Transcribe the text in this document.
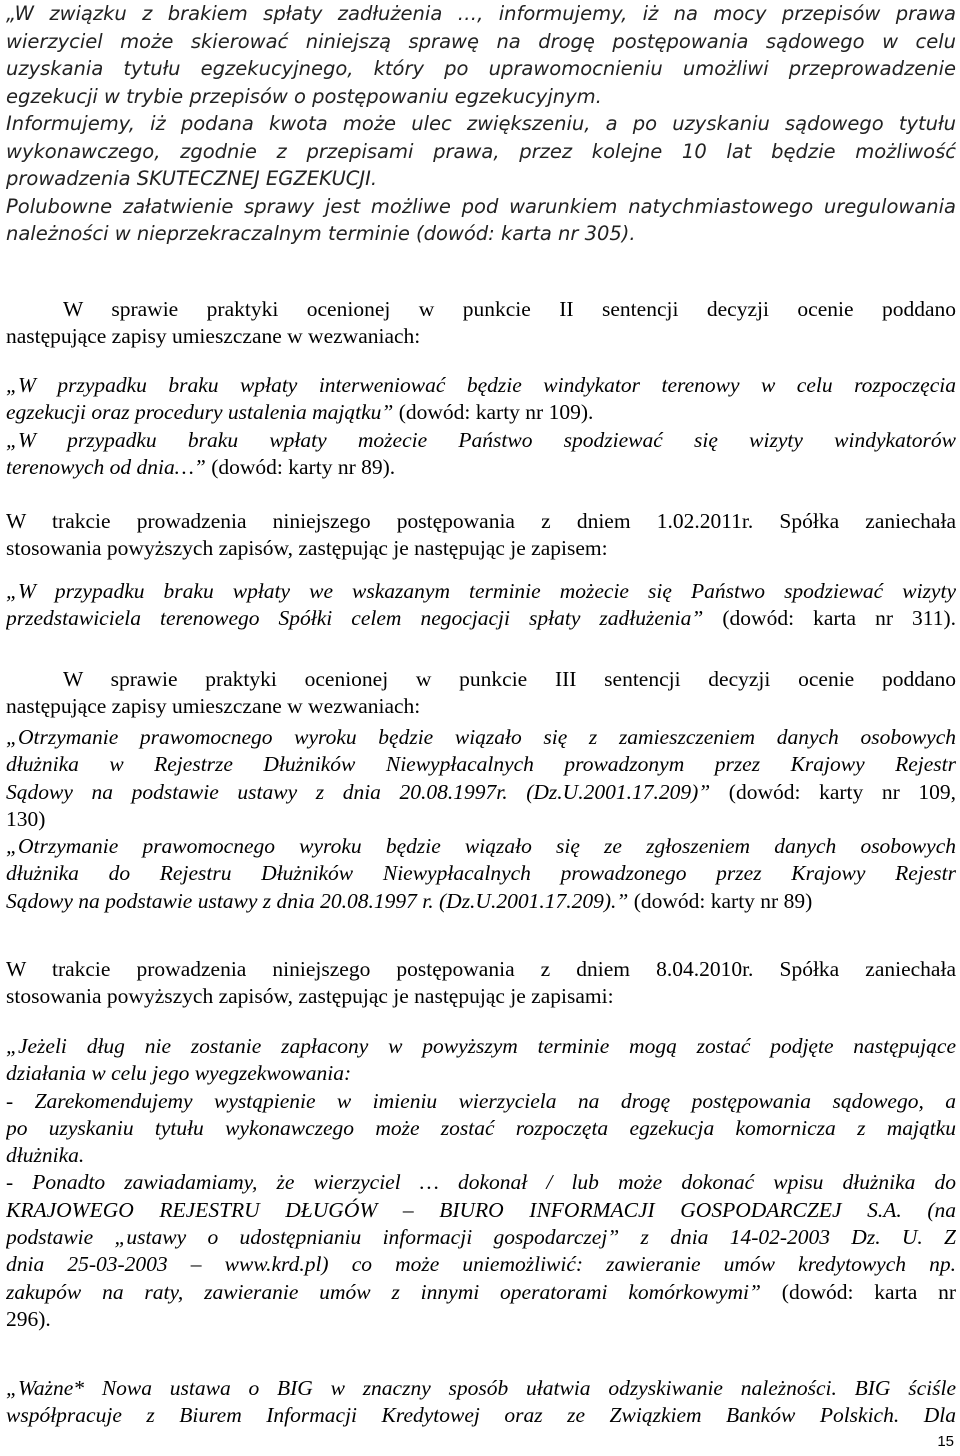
„W związku z brakiem spłaty zadłużenia …, informujemy, iż na mocy przepisów prawa
wierzyciel może skierować niniejszą sprawę na drogę postępowania sądowego w celu
uzyskania tytułu egzekucyjnego, który po uprawomocnieniu umożliwi przeprowadzenie
egzekucji w trybie przepisów o postępowaniu egzekucyjnym.
Informujemy, iż podana kwota może ulec zwiększeniu, a po uzyskaniu sądowego tytułu
wykonawczego, zgodnie z przepisami prawa, przez kolejne 10 lat będzie możliwość
prowadzenia SKUTECZNEJ EGZEKUCJI.
Polubowne załatwienie sprawy jest możliwe pod warunkiem natychmiastowego uregulowania
należności w nieprzekraczalnym terminie (dowód: karta nr 305).
W sprawie praktyki ocenionej w punkcie II sentencji decyzji ocenie poddano
następujące zapisy umieszczane w wezwaniach:
„W przypadku braku wpłaty interweniować będzie windykator terenowy w celu rozpoczęcia
egzekucji oraz procedury ustalenia majątku” (dowód: karty nr 109).
„W przypadku braku wpłaty możecie Państwo spodziewać się wizyty windykatorów
terenowych od dnia…” (dowód: karty nr 89).
W trakcie prowadzenia niniejszego postępowania z dniem 1.02.2011r. Spółka zaniechała
stosowania powyższych zapisów, zastępując je następując je zapisem:
„W przypadku braku wpłaty we wskazanym terminie możecie się Państwo spodziewać wizyty
przedstawiciela terenowego Spółki celem negocjacji spłaty zadłużenia” (dowód: karta nr 311).
W sprawie praktyki ocenionej w punkcie III sentencji decyzji ocenie poddano
następujące zapisy umieszczane w wezwaniach:
„Otrzymanie prawomocnego wyroku będzie wiązało się z zamieszczeniem danych osobowych
dłużnika w Rejestrze Dłużników Niewypłacalnych prowadzonym przez Krajowy Rejestr
Sądowy na podstawie ustawy z dnia 20.08.1997r. (Dz.U.2001.17.209)” (dowód: karty nr 109,
130)
„Otrzymanie prawomocnego wyroku będzie wiązało się ze zgłoszeniem danych osobowych
dłużnika do Rejestru Dłużników Niewypłacalnych prowadzonego przez Krajowy Rejestr
Sądowy na podstawie ustawy z dnia 20.08.1997 r. (Dz.U.2001.17.209).” (dowód: karty nr 89)
W trakcie prowadzenia niniejszego postępowania z dniem 8.04.2010r. Spółka zaniechała
stosowania powyższych zapisów, zastępując je następując je zapisami:
„Jeżeli dług nie zostanie zapłacony w powyższym terminie mogą zostać podjęte następujące
działania w celu jego wyegzekwowania:
- Zarekomendujemy wystąpienie w imieniu wierzyciela na drogę postępowania sądowego, a
po uzyskaniu tytułu wykonawczego może zostać rozpoczęta egzekucja komornicza z majątku
dłużnika.
- Ponadto zawiadamiamy, że wierzyciel … dokonał / lub może dokonać wpisu dłużnika do
KRAJOWEGO REJESTRU DŁUGÓW – BIURO INFORMACJI GOSPODARCZEJ S.A. (na
podstawie „ustawy o udostępnianiu informacji gospodarczej” z dnia 14-02-2003 Dz. U. Z
dnia 25-03-2003 – www.krd.pl) co może uniemożliwić: zawieranie umów kredytowych np.
zakupów na raty, zawieranie umów z innymi operatorami komórkowymi” (dowód: karta nr
296).
„Ważne* Nowa ustawa o BIG w znaczny sposób ułatwia odzyskiwanie należności. BIG ściśle
współpracuje z Biurem Informacji Kredytowej oraz ze Związkiem Banków Polskich. Dla
15
